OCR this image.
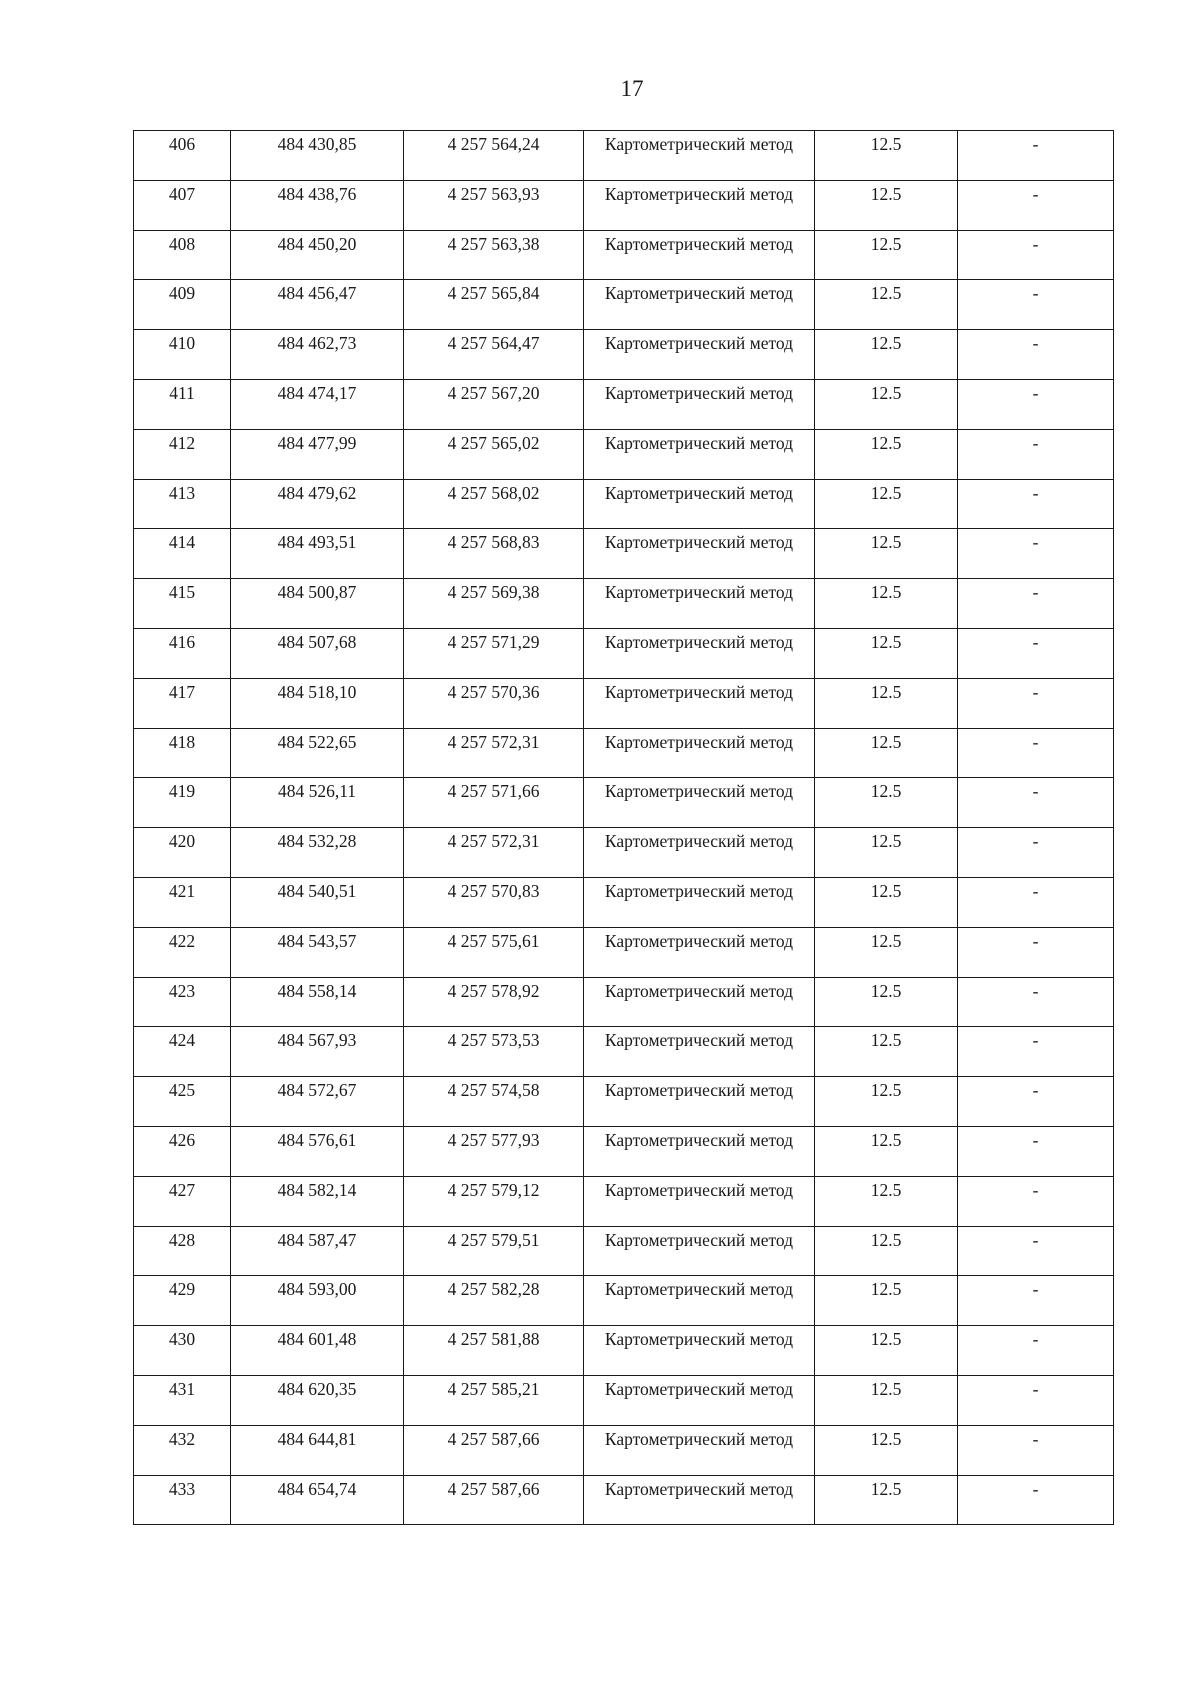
17
406	484 430,85	4 257 564,24	Картометрический метод	12.5	-
407	484 438,76	4 257 563,93	Картометрический метод	12.5	-
408	484 450,20	4 257 563,38	Картометрический метод	12.5	-
409	484 456,47	4 257 565,84	Картометрический метод	12.5	-
410	484 462,73	4 257 564,47	Картометрический метод	12.5	-
411	484 474,17	4 257 567,20	Картометрический метод	12.5	-
412	484 477,99	4 257 565,02	Картометрический метод	12.5	-
413	484 479,62	4 257 568,02	Картометрический метод	12.5	-
414	484 493,51	4 257 568,83	Картометрический метод	12.5	-
415	484 500,87	4 257 569,38	Картометрический метод	12.5	-
416	484 507,68	4 257 571,29	Картометрический метод	12.5	-
417	484 518,10	4 257 570,36	Картометрический метод	12.5	-
418	484 522,65	4 257 572,31	Картометрический метод	12.5	-
419	484 526,11	4 257 571,66	Картометрический метод	12.5	-
420	484 532,28	4 257 572,31	Картометрический метод	12.5	-
421	484 540,51	4 257 570,83	Картометрический метод	12.5	-
422	484 543,57	4 257 575,61	Картометрический метод	12.5	-
423	484 558,14	4 257 578,92	Картометрический метод	12.5	-
424	484 567,93	4 257 573,53	Картометрический метод	12.5	-
425	484 572,67	4 257 574,58	Картометрический метод	12.5	-
426	484 576,61	4 257 577,93	Картометрический метод	12.5	-
427	484 582,14	4 257 579,12	Картометрический метод	12.5	-
428	484 587,47	4 257 579,51	Картометрический метод	12.5	-
429	484 593,00	4 257 582,28	Картометрический метод	12.5	-
430	484 601,48	4 257 581,88	Картометрический метод	12.5	-
431	484 620,35	4 257 585,21	Картометрический метод	12.5	-
432	484 644,81	4 257 587,66	Картометрический метод	12.5	-
433	484 654,74	4 257 587,66	Картометрический метод	12.5	-
